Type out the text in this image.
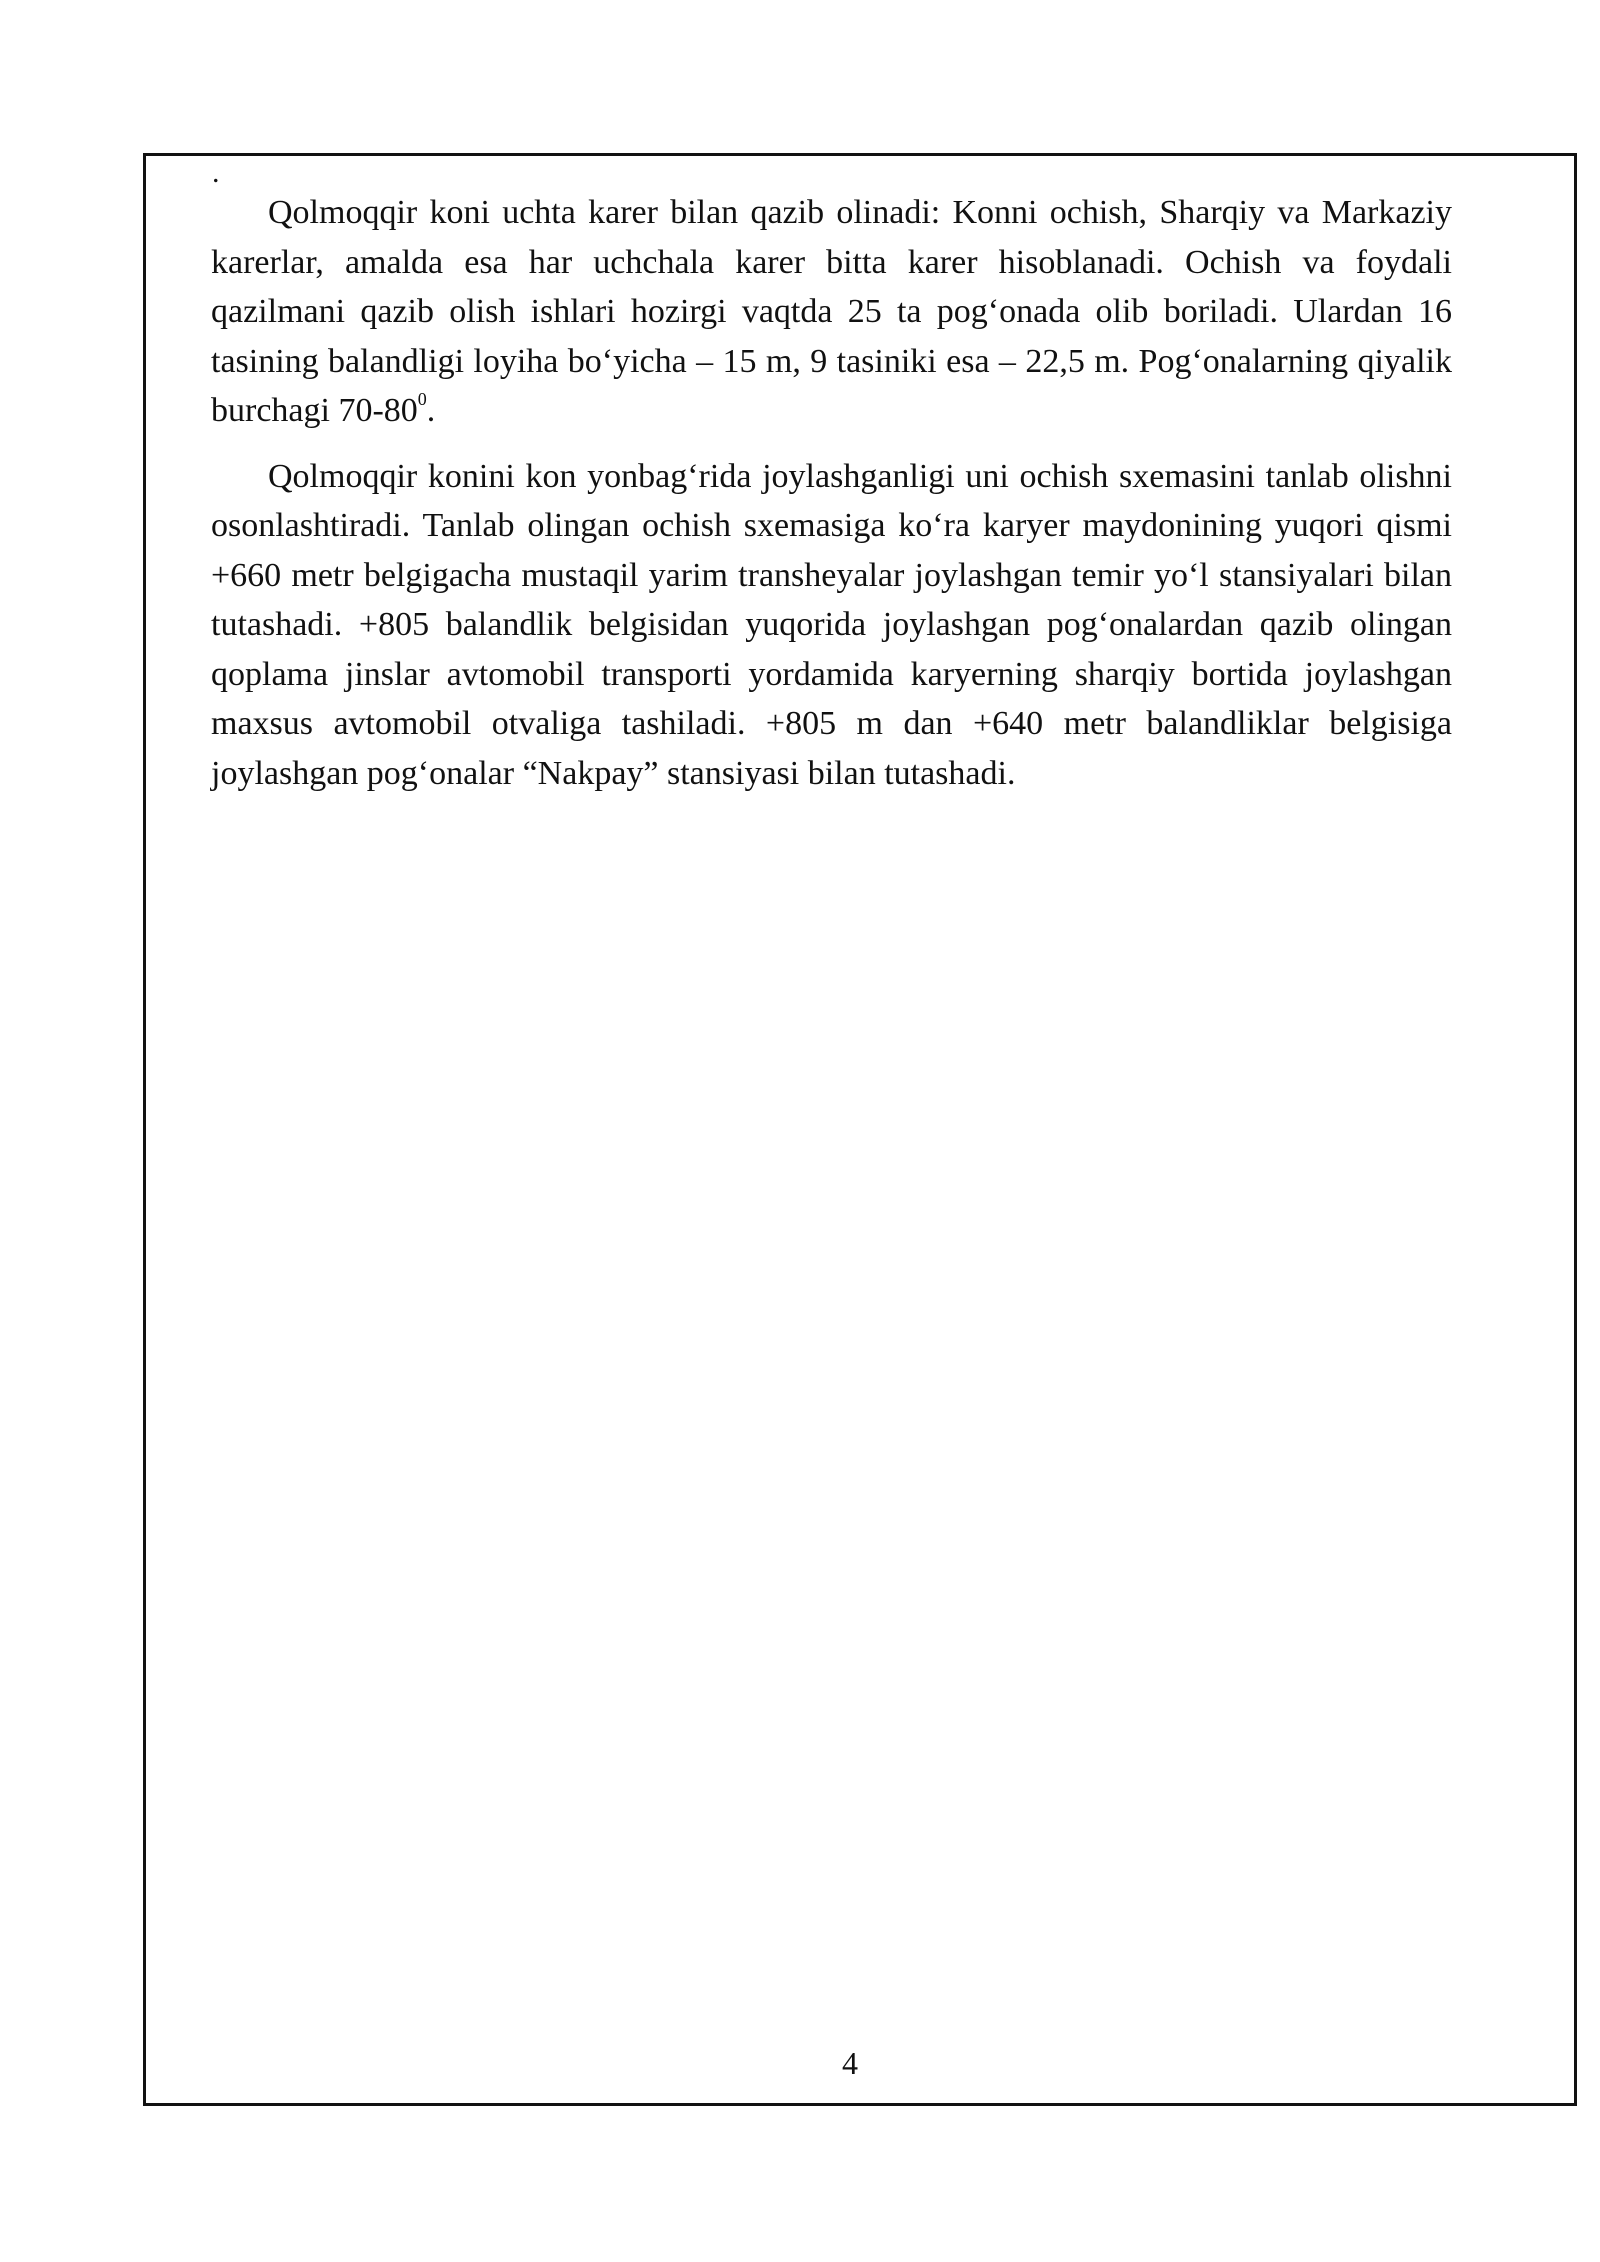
.

Qolmoqqir koni uchta karer bilan qazib olinadi: Konni ochish, Sharqiy va Markaziy karerlar, amalda esa har uchchala karer bitta karer hisoblanadi. Ochish va foydali qazilmani qazib olish ishlari hozirgi vaqtda 25 ta pog‘onada olib boriladi. Ulardan 16 tasining balandligi loyiha bo‘yicha – 15 m, 9 tasiniki esa – 22,5 m. Pog‘onalarning qiyalik burchagi $70-80^0$.

Qolmoqqir konini kon yonbag‘rida joylashganligi uni ochish sxemasini tanlab olishni osonlashtiradi. Tanlab olingan ochish sxemasiga ko‘ra karyer maydonining yuqori qismi +660 metr belgigacha mustaqil yarim transheyalar joylashgan temir yo‘l stansiyalari bilan tutashadi. +805 balandlik belgisidan yuqorida joylashgan pog‘onalardan qazib olingan qoplama jinslar avtomobil transporti yordamida karyerning sharqiy bortida joylashgan maxsus avtomobil otvaliga tashiladi. +805 m dan +640 metr balandliklar belgisiga joylashgan pog‘onalar “Nakpay” stansiyasi bilan tutashadi.

4
